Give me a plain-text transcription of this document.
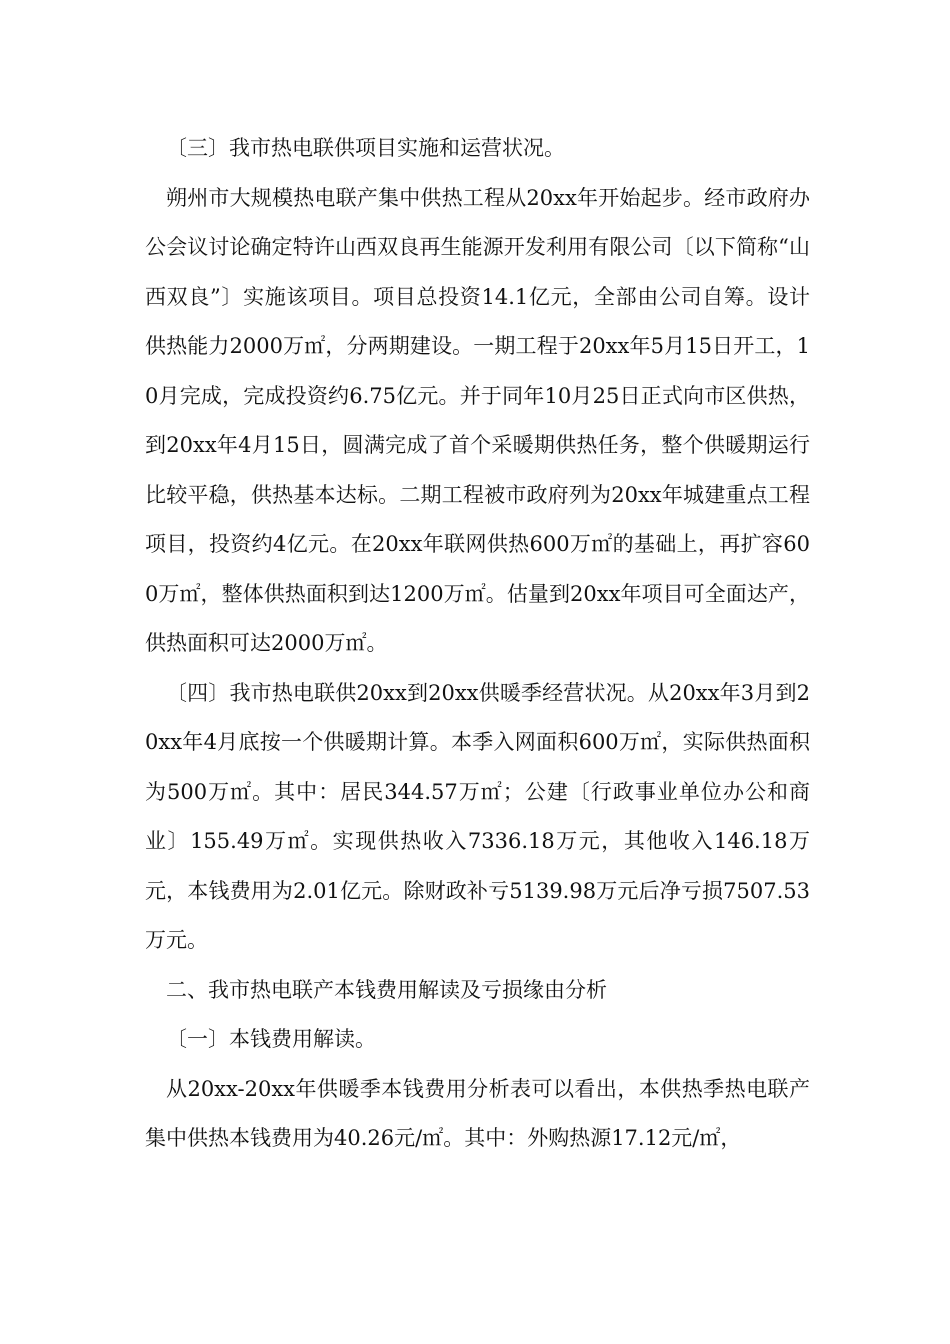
〔三〕我市热电联供项目实施和运营状况。

朔州市大规模热电联产集中供热工程从20xx年开始起步。经市政府办公会议讨论确定特许山西双良再生能源开发利用有限公司〔以下简称“山西双良”〕实施该项目。项目总投资14.1亿元，全部由公司自筹。设计供热能力2000万㎡，分两期建设。一期工程于20xx年5月15日开工，10月完成，完成投资约6.75亿元。并于同年10月25日正式向市区供热，到20xx年4月15日，圆满完成了首个采暖期供热任务，整个供暖期运行比较平稳，供热基本达标。二期工程被市政府列为20xx年城建重点工程项目，投资约4亿元。在20xx年联网供热600万㎡的基础上，再扩容600万㎡，整体供热面积到达1200万㎡。估量到20xx年项目可全面达产，供热面积可达2000万㎡。

〔四〕我市热电联供20xx到20xx供暖季经营状况。从20xx年3月到20xx年4月底按一个供暖期计算。本季入网面积600万㎡，实际供热面积为500万㎡。其中：居民344.57万㎡；公建〔行政事业单位办公和商业〕155.49万㎡。实现供热收入7336.18万元，其他收入146.18万元，本钱费用为2.01亿元。除财政补亏5139.98万元后净亏损7507.53万元。

二、我市热电联产本钱费用解读及亏损缘由分析

〔一〕本钱费用解读。

从20xx-20xx年供暖季本钱费用分析表可以看出，本供热季热电联产集中供热本钱费用为40.26元/㎡。其中：外购热源17.12元/㎡，
